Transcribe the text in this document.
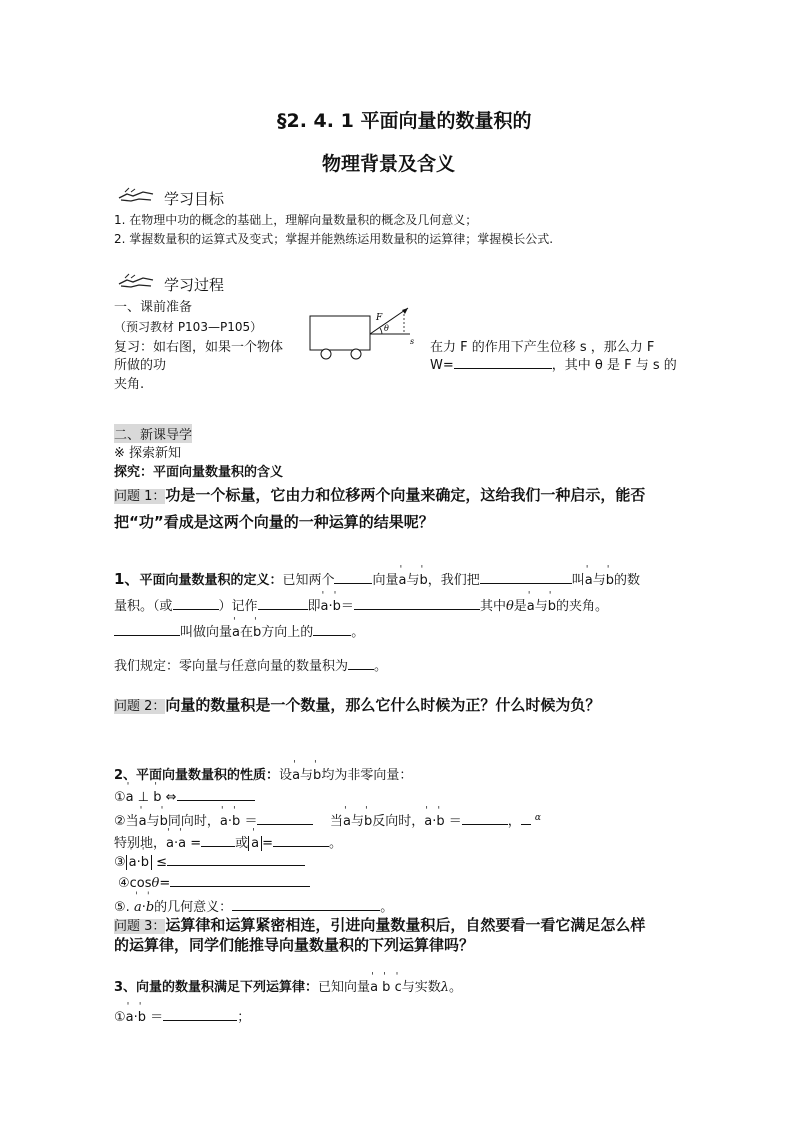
§2. 4. 1 平面向量的数量积的
物理背景及含义
学习目标
1. 在物理中功的概念的基础上，理解向量数量积的概念及几何意义；
2. 掌握数量积的运算式及变式；掌握并能熟练运用数量积的运算律；掌握模长公式.
学习过程
一、课前准备
（预习教材 P103—P105）
复习：如右图，如果一个物体
所做的功
夹角.
F
θ
s 在力 F 的作用下产生位移 s ，那么力 F
W=	，其中 θ 是 F 与 s 的
二、新课导学
※ 探索新知
探究：平面向量数量积的含义
问题 1：功是一个标量，它由力和位移两个向量来确定，这给我们一种启示，能否
把“功”看成是这两个向量的一种运算的结果呢？
1、平面向量数量积的定义：已知两个	向量' a与' b，我们把	叫' a与' b的数
量积。（或	）记作	即' a·' b＝	其中θ是' a与' b的夹角。
叫做向量' a在' b方向上的	。
我们规定：零向量与任意向量的数量积为 。
问题 2：向量的数量积是一个数量，那么它什么时候为正？什么时候为负？
2、平面向量数量积的性质：设' a与' b均为非零向量：
①' a ⊥ ' b ⇔
②当' a与' b同向时，' a·' b ＝	当' a与' b反向时，' a·' b ＝	， $^\alpha$
特别地，' a·' a =	或 ' a =	。
③ ' a·' b ≤
④cosθ=
⑤. ' a·' b的几何意义：	。
问题 3：运算律和运算紧密相连，引进向量数量积后，自然要看一看它满足怎么样
的运算律，同学们能推导向量数量积的下列运算律吗？
3、向量的数量积满足下列运算律：已知向量' a ' b ' c与实数λ。
①' a·' b ＝	；
